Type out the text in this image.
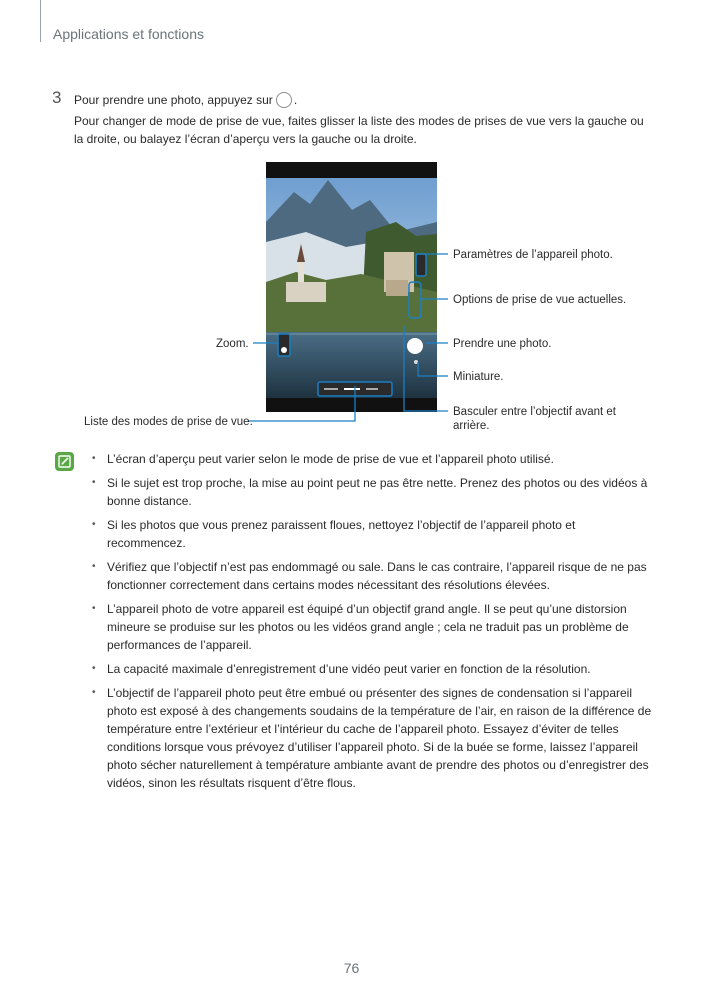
Applications et fonctions
3 Pour prendre une photo, appuyez sur .
Pour changer de mode de prise de vue, faites glisser la liste des modes de prises de vue vers la gauche ou la droite, ou balayez l’écran d’aperçu vers la gauche ou la droite.
Paramètres de l’appareil photo.
Options de prise de vue actuelles.
Zoom.	Prendre une photo.
Miniature.
Basculer entre l’objectif avant et
arrière.
Liste des modes de prise de vue.
• L’écran d’aperçu peut varier selon le mode de prise de vue et l’appareil photo utilisé.
• Si le sujet est trop proche, la mise au point peut ne pas être nette. Prenez des photos ou des vidéos à bonne distance.
• Si les photos que vous prenez paraissent floues, nettoyez l’objectif de l’appareil photo et recommencez.
• Vérifiez que l’objectif n’est pas endommagé ou sale. Dans le cas contraire, l’appareil risque de ne pas fonctionner correctement dans certains modes nécessitant des résolutions élevées.
• L’appareil photo de votre appareil est équipé d’un objectif grand angle. Il se peut qu’une distorsion mineure se produise sur les photos ou les vidéos grand angle ; cela ne traduit pas un problème de performances de l’appareil.
• La capacité maximale d’enregistrement d’une vidéo peut varier en fonction de la résolution.
• L’objectif de l’appareil photo peut être embué ou présenter des signes de condensation si l’appareil photo est exposé à des changements soudains de la température de l’air, en raison de la différence de température entre l’extérieur et l’intérieur du cache de l’appareil photo. Essayez d’éviter de telles conditions lorsque vous prévoyez d’utiliser l’appareil photo. Si de la buée se forme, laissez l’appareil photo sécher naturellement à température ambiante avant de prendre des photos ou d’enregistrer des vidéos, sinon les résultats risquent d’être flous.
76
